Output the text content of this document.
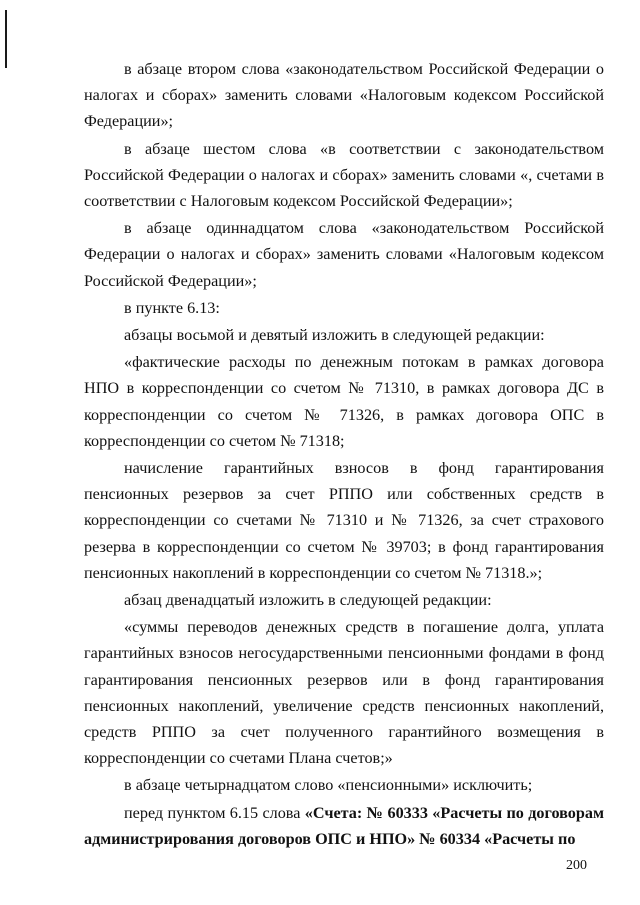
в абзаце втором слова «законодательством Российской Федерации о налогах и сборах» заменить словами «Налоговым кодексом Российской Федерации»;

в абзаце шестом слова «в соответствии с законодательством Российской Федерации о налогах и сборах» заменить словами «, счетами в соответствии с Налоговым кодексом Российской Федерации»;

в абзаце одиннадцатом слова «законодательством Российской Федерации о налогах и сборах» заменить словами «Налоговым кодексом Российской Федерации»;

в пункте 6.13:

абзацы восьмой и девятый изложить в следующей редакции:

«фактические расходы по денежным потокам в рамках договора НПО в корреспонденции со счетом № 71310, в рамках договора ДС в корреспонденции со счетом № 71326, в рамках договора ОПС в корреспонденции со счетом № 71318;

начисление гарантийных взносов в фонд гарантирования пенсионных резервов за счет РППО или собственных средств в корреспонденции со счетами № 71310 и № 71326, за счет страхового резерва в корреспонденции со счетом № 39703; в фонд гарантирования пенсионных накоплений в корреспонденции со счетом № 71318.»;

абзац двенадцатый изложить в следующей редакции:

«суммы переводов денежных средств в погашение долга, уплата гарантийных взносов негосударственными пенсионными фондами в фонд гарантирования пенсионных резервов или в фонд гарантирования пенсионных накоплений, увеличение средств пенсионных накоплений, средств РППО за счет полученного гарантийного возмещения в корреспонденции со счетами Плана счетов;»

в абзаце четырнадцатом слово «пенсионными» исключить;

перед пунктом 6.15 слова «Счета: № 60333 «Расчеты по договорам администрирования договоров ОПС и НПО» № 60334 «Расчеты по

200
